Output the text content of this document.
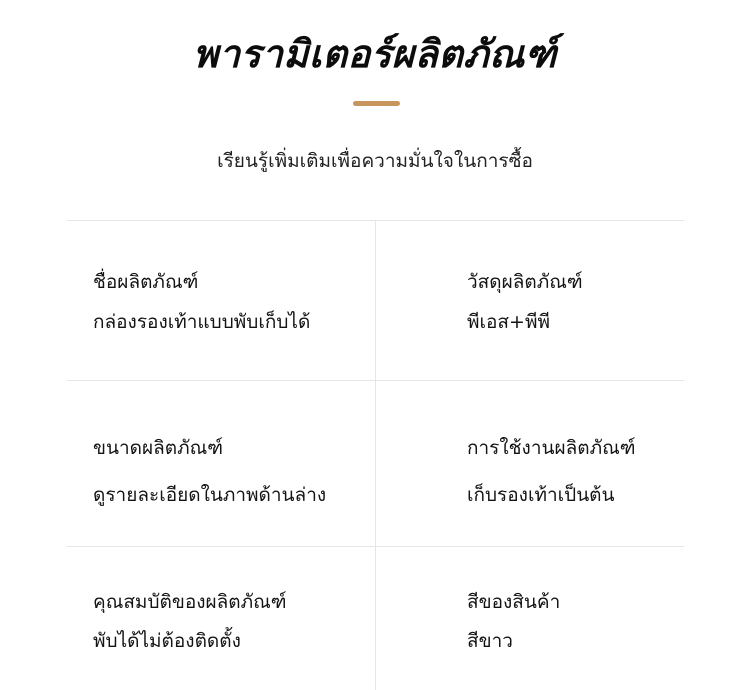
พารามิเตอร์ผลิตภัณฑ์
เรียนรู้เพิ่มเติมเพื่อความมั่นใจในการซื้อ
ชื่อผลิตภัณฑ์
กล่องรองเท้าแบบพับเก็บได้
วัสดุผลิตภัณฑ์
พีเอส+พีพี
ขนาดผลิตภัณฑ์
ดูรายละเอียดในภาพด้านล่าง
การใช้งานผลิตภัณฑ์
เก็บรองเท้าเป็นต้น
คุณสมบัติของผลิตภัณฑ์
พับได้ไม่ต้องติดตั้ง
สีของสินค้า
สีขาว
